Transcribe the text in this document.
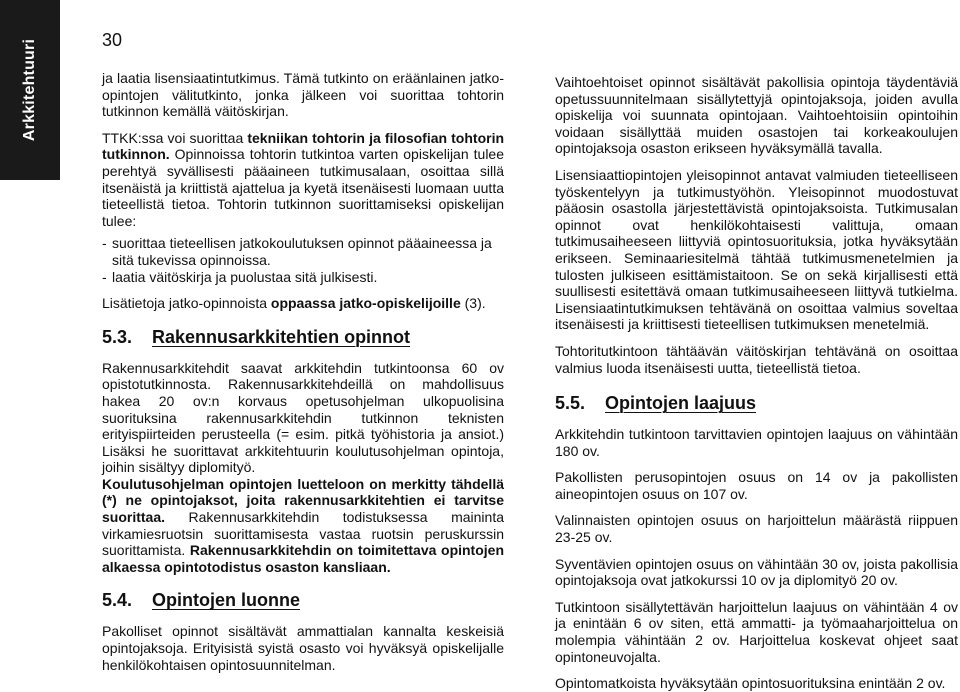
Arkkitehtuuri	30

ja laatia lisensiaatintutkimus. Tämä tutkinto on eräänlainen jatko-opintojen välitutkinto, jonka jälkeen voi suorittaa tohtorin tutkinnon kemällä väitöskirjan.

TTKK:ssa voi suorittaa tekniikan tohtorin ja filosofian tohtorin tutkinnon. Opinnoissa tohtorin tutkintoa varten opiskelijan tulee perehtyä syvällisesti pääaineen tutkimusalaan, osoittaa sillä itsenäistä ja kriittistä ajattelua ja kyetä itsenäisesti luomaan uutta tieteellistä tietoa. Tohtorin tutkinnon suorittamiseksi opiskelijan tulee:

- suorittaa tieteellisen jatkokoulutuksen opinnot pääaineessa ja sitä tukevissa opinnoissa.
- laatia väitöskirja ja puolustaa sitä julkisesti.

Lisätietoja jatko-opinnoista oppaassa jatko-opiskelijoille (3).

5.3.	Rakennusarkkitehtien opinnot

Rakennusarkkitehdit saavat arkkitehdin tutkintoonsa 60 ov opistotutkinnosta. Rakennusarkkitehdeillä on mahdollisuus hakea 20 ov:n korvaus opetusohjelman ulkopuolisina suorituksina rakennusarkkitehdin tutkinnon teknisten erityispiirteiden perusteella (= esim. pitkä työhistoria ja ansiot.) Lisäksi he suorittavat arkkitehtuurin koulutusohjelman opintoja, joihin sisältyy diplomityö.

Koulutusohjelman opintojen luetteloon on merkitty tähdellä (*) ne opintojaksot, joita rakennusarkkitehtien ei tarvitse suorittaa. Rakennusarkkitehdin todistuksessa maininta virkamiesruotsin suorittamisesta vastaa ruotsin peruskurssin suorittamista. Rakennusarkkitehdin on toimitettava opintojen alkaessa opintotodistus osaston kansliaan.

5.4.	Opintojen luonne

Pakolliset opinnot sisältävät ammattialan kannalta keskeisiä opintojaksoja. Erityisistä syistä osasto voi hyväksyä opiskelijalle henkilökohtaisen opintosuunnitelman.

Vaihtoehtoiset opinnot sisältävät pakollisia opintoja täydentäviä opetussuunnitelmaan sisällytettyjä opintojaksoja, joiden avulla opiskelija voi suunnata opintojaan. Vaihtoehtoisiin opintoihin voidaan sisällyttää muiden osastojen tai korkeakoulujen opintojaksoja osaston erikseen hyväksymällä tavalla.

Lisensiaattiopintojen yleisopinnot antavat valmiuden tieteelliseen työskentelyyn ja tutkimustyöhön. Yleisopinnot muodostuvat pääosin osastolla järjestettävistä opintojaksoista. Tutkimusalan opinnot ovat henkilökohtaisesti valittuja, omaan tutkimusaiheeseen liittyviä opintosuorituksia, jotka hyväksytään erikseen. Seminaariesitelmä tähtää tutkimusmenetelmien ja tulosten julkiseen esittämistaitoon. Se on sekä kirjallisesti että suullisesti esitettävä omaan tutkimusaiheeseen liittyvä tutkielma. Lisensiaatintutkimuksen tehtävänä on osoittaa valmius soveltaa itsenäisesti ja kriittisesti tieteellisen tutkimuksen menetelmiä.

Tohtoritutkintoon tähtäävän väitöskirjan tehtävänä on osoittaa valmius luoda itsenäisesti uutta, tieteellistä tietoa.

5.5.	Opintojen laajuus

Arkkitehdin tutkintoon tarvittavien opintojen laajuus on vähintään 180 ov.

Pakollisten perusopintojen osuus on 14 ov ja pakollisten aineopintojen osuus on 107 ov.

Valinnaisten opintojen osuus on harjoittelun määrästä riippuen 23-25 ov.

Syventävien opintojen osuus on vähintään 30 ov, joista pakollisia opintojaksoja ovat jatkokurssi 10 ov ja diplomityö 20 ov.

Tutkintoon sisällytettävän harjoittelun laajuus on vähintään 4 ov ja enintään 6 ov siten, että ammatti- ja työmaaharjoittelua on molempia vähintään 2 ov. Harjoittelua koskevat ohjeet saat opintoneuvojalta.

Opintomatkoista hyväksytään opintosuorituksina enintään 2 ov.
